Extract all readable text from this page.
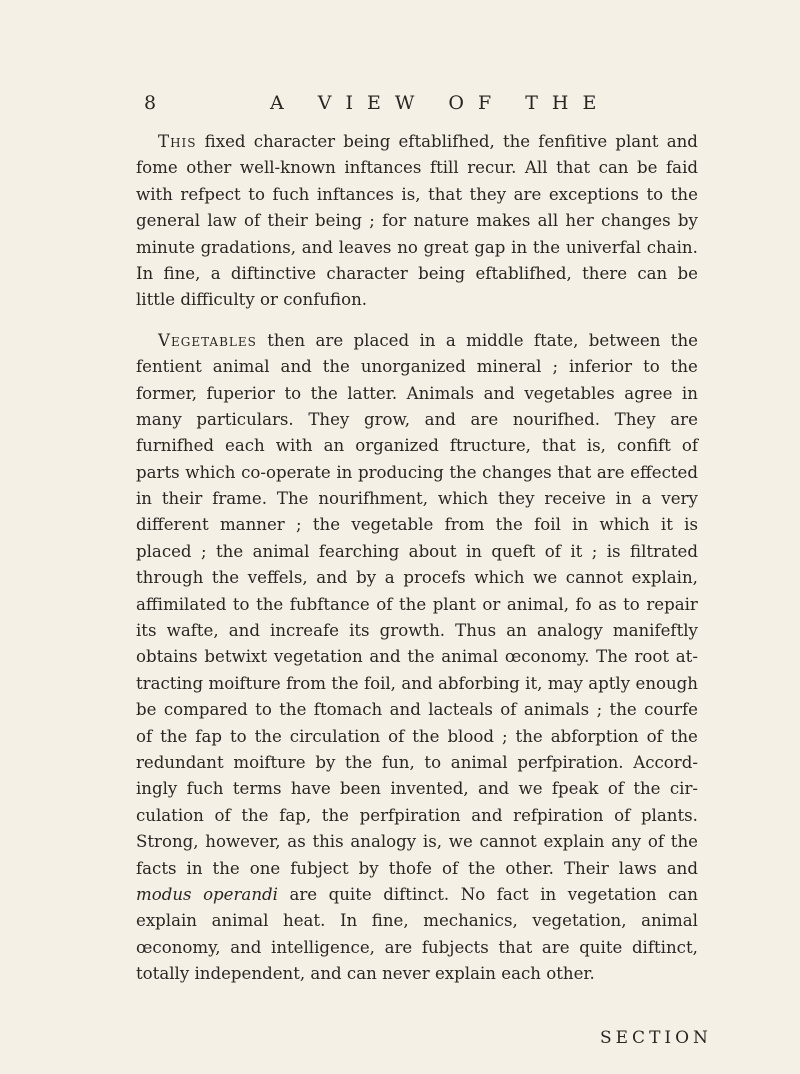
8	A VIEW OF THE
This fixed character being eftablifhed, the fenfitive plant and
fome other well-known inftances ftill recur. All that can be faid
with refpect to fuch inftances is, that they are exceptions to the
general law of their being ; for nature makes all her changes by
minute gradations, and leaves no great gap in the univerfal chain.
In fine, a diftinctive character being eftablifhed, there can be
little difficulty or confufion.
Vegetables then are placed in a middle ftate, between the
fentient animal and the unorganized mineral ; inferior to the
former, fuperior to the latter. Animals and vegetables agree in
many particulars. They grow, and are nourifhed. They are
furnifhed each with an organized ftructure, that is, confift of
parts which co-operate in producing the changes that are effected
in their frame. The nourifhment, which they receive in a very
different manner ; the vegetable from the foil in which it is
placed ; the animal fearching about in queft of it ; is filtrated
through the veffels, and by a procefs which we cannot explain,
affimilated to the fubftance of the plant or animal, fo as to repair
its wafte, and increafe its growth. Thus an analogy manifeftly
obtains betwixt vegetation and the animal œconomy. The root at-
tracting moifture from the foil, and abforbing it, may aptly enough
be compared to the ftomach and lacteals of animals ; the courfe
of the fap to the circulation of the blood ; the abforption of the
redundant moifture by the fun, to animal perfpiration. Accord-
ingly fuch terms have been invented, and we fpeak of the cir-
culation of the fap, the perfpiration and refpiration of plants.
Strong, however, as this analogy is, we cannot explain any of the
facts in the one fubject by thofe of the other. Their laws and
modus operandi are quite diftinct. No fact in vegetation can
explain animal heat. In fine, mechanics, vegetation, animal
œconomy, and intelligence, are fubjects that are quite diftinct,
totally independent, and can never explain each other.
SECTION
